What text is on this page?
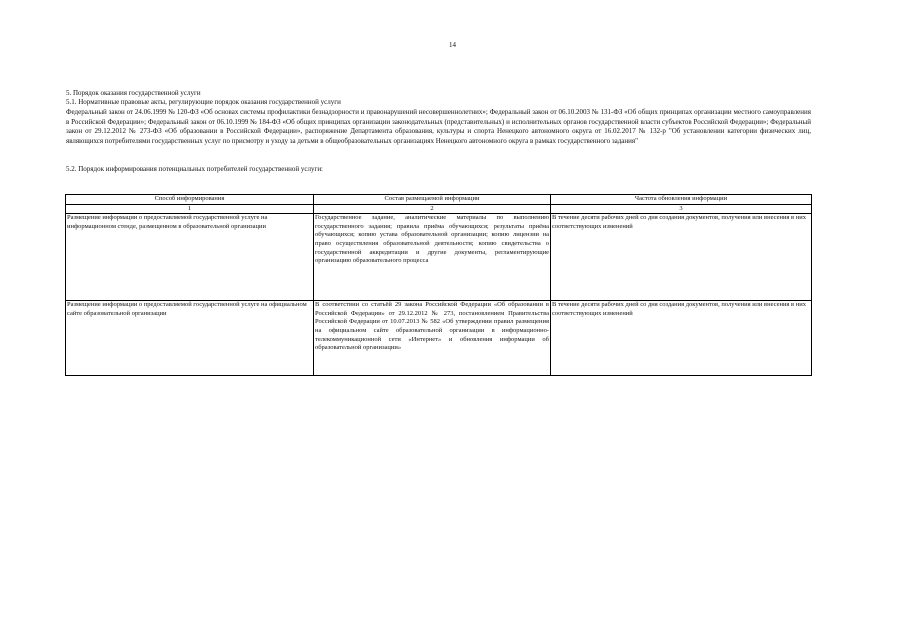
14
5. Порядок оказания государственной услуги
5.1. Нормативные правовые акты, регулирующие порядок оказания государственной услуги
Федеральный закон от 24.06.1999 № 120-ФЗ «Об основах системы профилактики безнадзорности и правонарушений несовершеннолетних»; Федеральный закон от 06.10.2003 № 131-ФЗ «Об общих принципах организации местного самоуправления в Российской Федерации»; Федеральный закон от 06.10.1999 № 184-ФЗ «Об общих принципах организации законодательных (представительных) и исполнительных органов государственной власти субъектов Российской Федерации»; Федеральный закон от 29.12.2012 № 273-ФЗ «Об образовании в Российской Федерации», распоряжение Департамента образования, культуры и спорта Ненецкого автономного округа от 16.02.2017 № 132-р "Об установлении категории физических лиц, являющихся потребителями государственных услуг по присмотру и уходу за детьми в общеобразовательных организациях Ненецкого автономного округа в рамках государственного задания"
5.2. Порядок информирования потенциальных потребителей государственной услуги:
Способ информирования	Состав размещаемой информации	Частота обновления информации
1	2	3
Размещение информации о предоставляемой государственной услуге на информационном стенде, размещенном в образовательной организации	Государственное задание, аналитические материалы по выполнению государственного задания; правила приёма обучающихся; результаты приёма обучающихся; копию устава образовательной организации; копию лицензии на право осуществления образовательной деятельности; копию свидетельства о государственной аккредитации и другие документы, регламентирующие организацию образовательного процесса	В течение десяти рабочих дней со дня создания документов, получения или внесения в них соответствующих изменений
Размещение информации о предоставляемой государственной услуге на официальном сайте образовательной организации	В соответствии со статьёй 29 закона Российской Федерации «Об образовании в Российской Федерации» от 29.12.2012 № 273, постановлением Правительства Российской Федерации от 10.07.2013 № 582 «Об утверждении правил размещения на официальном сайте образовательной организации в информационно-телекоммуникационной сети «Интернет» и обновления информации об образовательной организации»	В течение десяти рабочих дней со дня создания документов, получения или внесения в них соответствующих изменений
